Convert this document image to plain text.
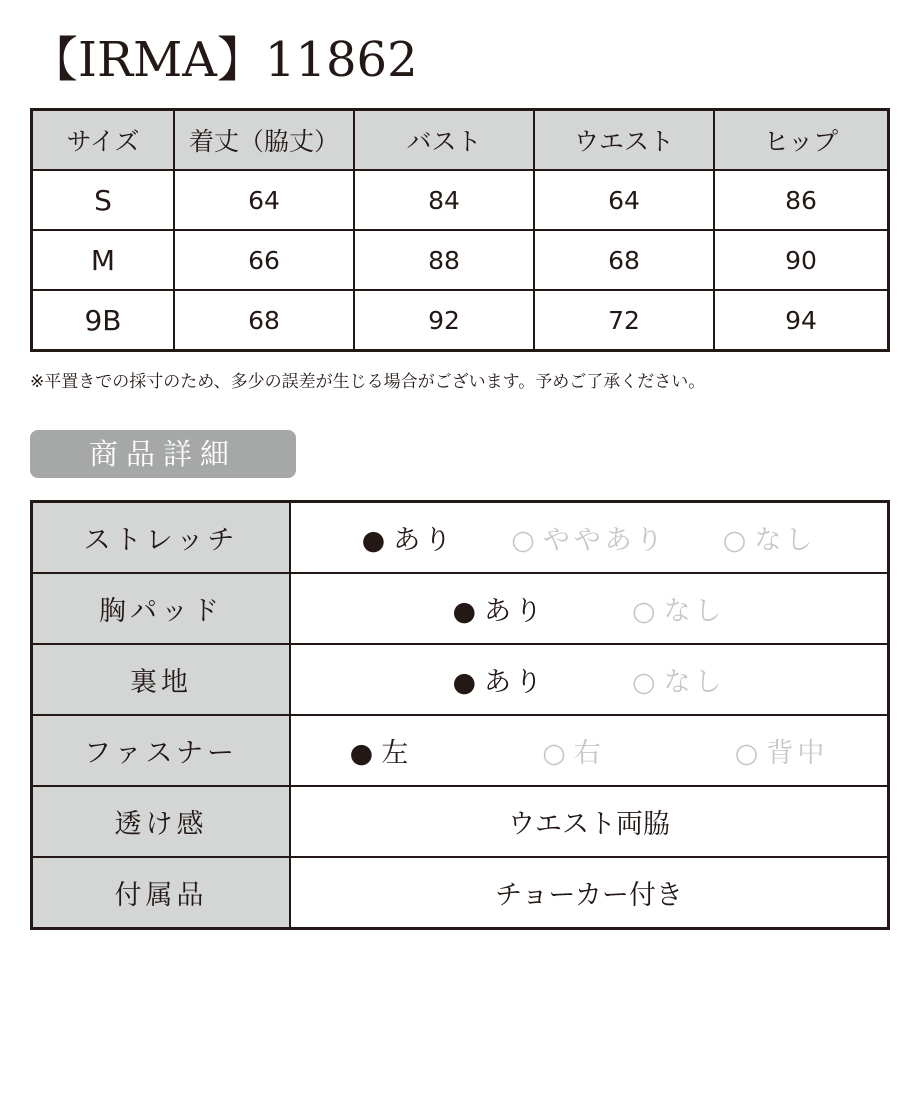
【IRMA】11862
サイズ	着丈（脇丈）	バスト	ウエスト	ヒップ
S	64	84	64	86
M	66	88	68	90
9B	68	92	72	94
※平置きでの採寸のため、多少の誤差が生じる場合がございます。予めご了承ください。
商品詳細
ストレッチ	● あり ○ ややあり ○ なし

胸パッド	● あり ○ なし

裏地	● あり ○ なし

ファスナー	● 左 ○ 右 ○ 背中

透け感	ウエスト両脇
付属品	チョーカー付き
